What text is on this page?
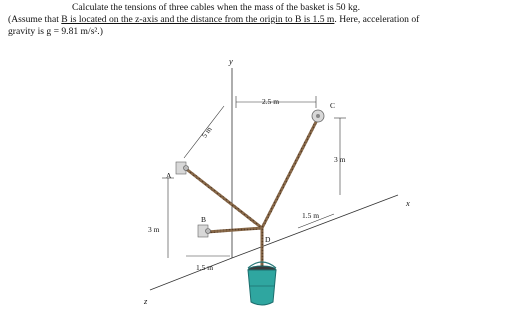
Calculate the tensions of three cables when the mass of the basket is 50 kg.
(Assume that B is located on the z-axis and the distance from the origin to B is 1.5 m. Here, acceleration of
gravity is g = 9.81 m/s².)
y
x
z
A
B
C
D
2.5 m
5 m
3 m
3 m
1.5 m
1.5 m
